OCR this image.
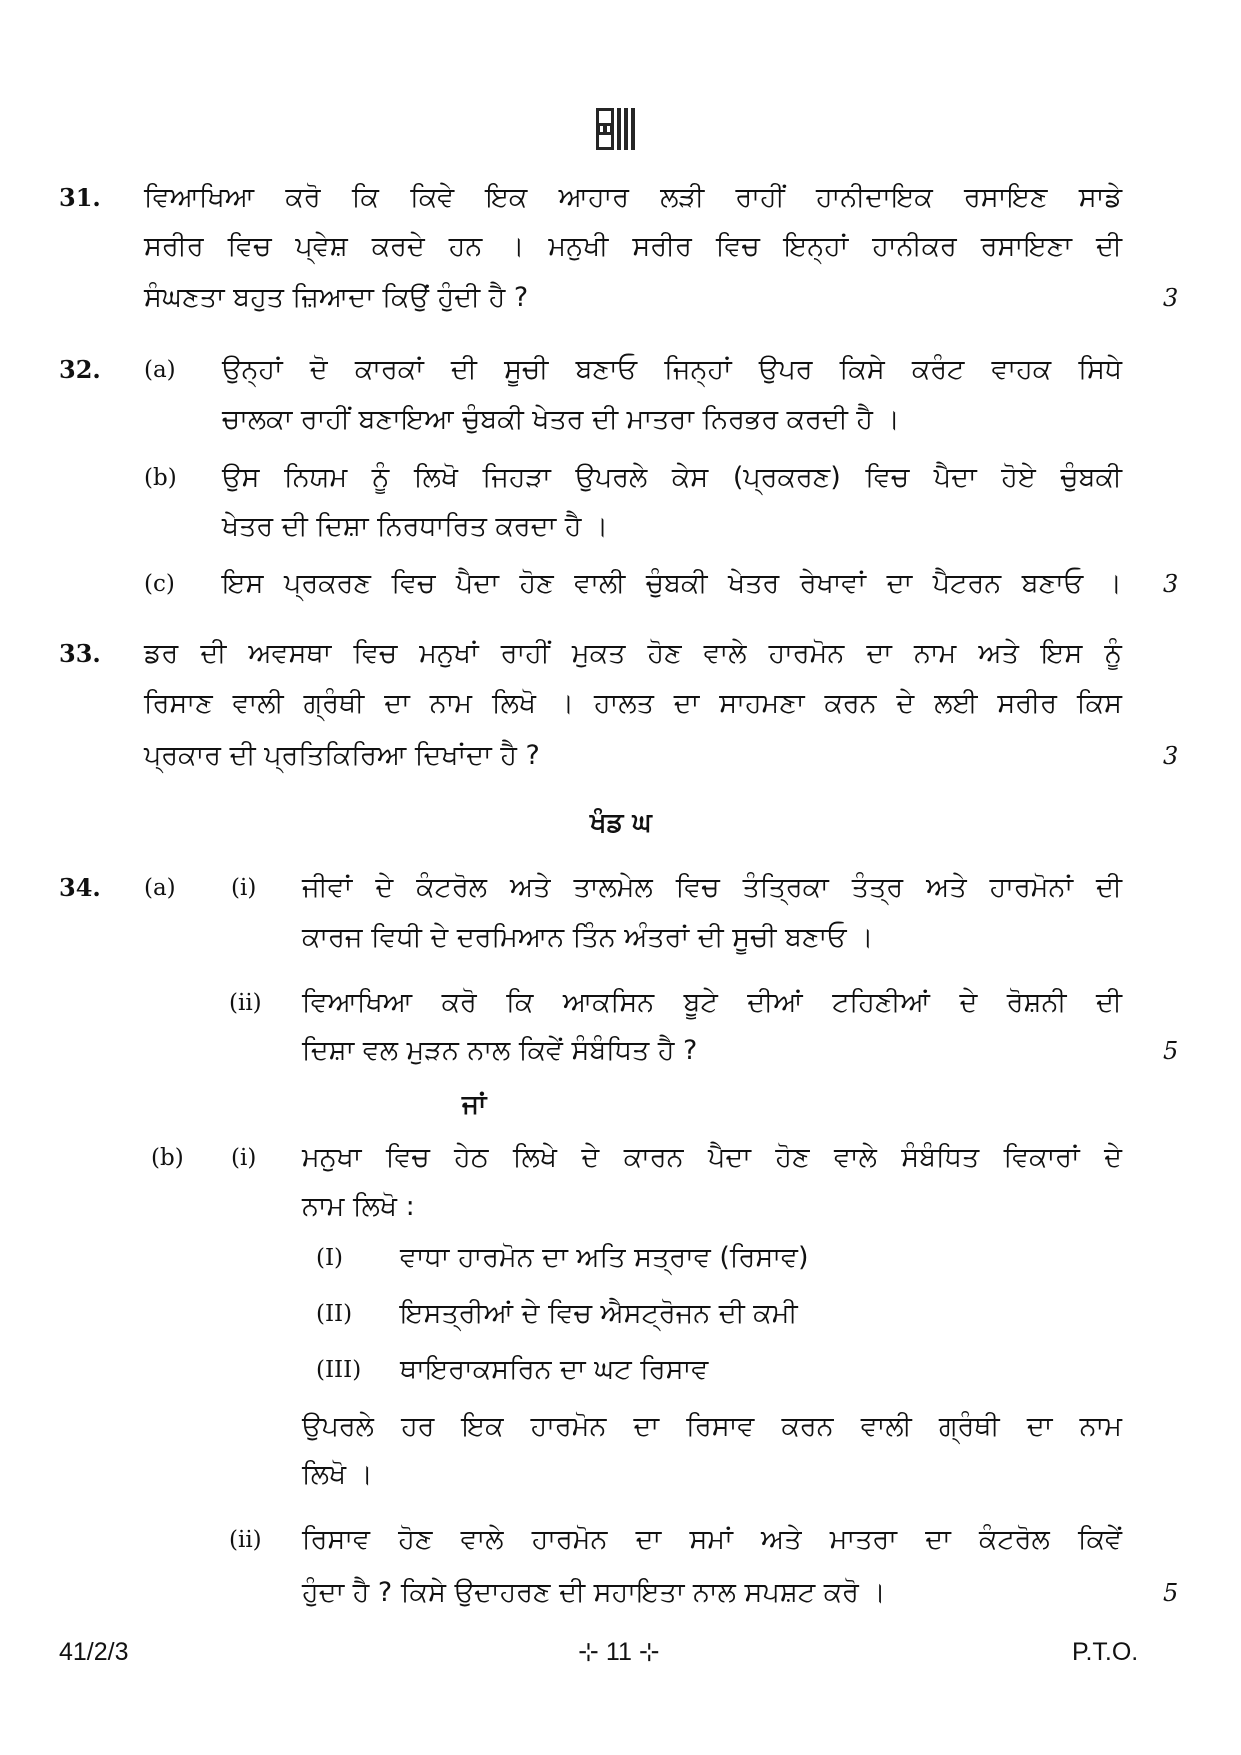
31. ਵਿਆਖਿਆ ਕਰੋ ਕਿ ਕਿਵੇ ਇਕ ਆਹਾਰ ਲੜੀ ਰਾਹੀਂ ਹਾਨੀਦਾਇਕ ਰਸਾਇਣ ਸਾਡੇ
ਸਰੀਰ ਵਿਚ ਪ੍ਵੇਸ਼ ਕਰਦੇ ਹਨ । ਮਨੁਖੀ ਸਰੀਰ ਵਿਚ ਇਨ੍ਹਾਂ ਹਾਨੀਕਰ ਰਸਾਇਣਾ ਦੀ
ਸੰਘਣਤਾ ਬਹੁਤ ਜ਼ਿਆਦਾ ਕਿਉਂ ਹੁੰਦੀ ਹੈ ?	3
32. (a) ਉਨ੍ਹਾਂ ਦੋ ਕਾਰਕਾਂ ਦੀ ਸੂਚੀ ਬਣਾਓ ਜਿਨ੍ਹਾਂ ਉਪਰ ਕਿਸੇ ਕਰੰਟ ਵਾਹਕ ਸਿਧੇ
ਚਾਲਕਾ ਰਾਹੀਂ ਬਣਾਇਆ ਚੁੰਬਕੀ ਖੇਤਰ ਦੀ ਮਾਤਰਾ ਨਿਰਭਰ ਕਰਦੀ ਹੈ ।
(b) ਉਸ ਨਿਯਮ ਨੂੰ ਲਿਖੋ ਜਿਹੜਾ ਉਪਰਲੇ ਕੇਸ (ਪ੍ਰਕਰਣ) ਵਿਚ ਪੈਦਾ ਹੋਏ ਚੁੰਬਕੀ
ਖੇਤਰ ਦੀ ਦਿਸ਼ਾ ਨਿਰਧਾਰਿਤ ਕਰਦਾ ਹੈ ।
(c) ਇਸ ਪ੍ਰਕਰਣ ਵਿਚ ਪੈਦਾ ਹੋਣ ਵਾਲੀ ਚੁੰਬਕੀ ਖੇਤਰ ਰੇਖਾਵਾਂ ਦਾ ਪੈਟਰਨ ਬਣਾਓ । 3
33. ਡਰ ਦੀ ਅਵਸਥਾ ਵਿਚ ਮਨੁਖਾਂ ਰਾਹੀਂ ਮੁਕਤ ਹੋਣ ਵਾਲੇ ਹਾਰਮੋਨ ਦਾ ਨਾਮ ਅਤੇ ਇਸ ਨੂੰ
ਰਿਸਾਣ ਵਾਲੀ ਗ੍ਰੰਥੀ ਦਾ ਨਾਮ ਲਿਖੋ । ਹਾਲਤ ਦਾ ਸਾਹਮਣਾ ਕਰਨ ਦੇ ਲਈ ਸਰੀਰ ਕਿਸ
ਪ੍ਰਕਾਰ ਦੀ ਪ੍ਰਤਿਕਿਰਿਆ ਦਿਖਾਂਦਾ ਹੈ ?	3
ਖੰਡ ਘ
34. (a) (i) ਜੀਵਾਂ ਦੇ ਕੰਟਰੋਲ ਅਤੇ ਤਾਲਮੇਲ ਵਿਚ ਤੰਤ੍ਰਿਕਾ ਤੰਤ੍ਰ ਅਤੇ ਹਾਰਮੋਨਾਂ ਦੀ
ਕਾਰਜ ਵਿਧੀ ਦੇ ਦਰਮਿਆਨ ਤਿੰਨ ਅੰਤਰਾਂ ਦੀ ਸੂਚੀ ਬਣਾਓ ।
(ii) ਵਿਆਖਿਆ ਕਰੋ ਕਿ ਆਕਸਿਨ ਬੂਟੇ ਦੀਆਂ ਟਹਿਣੀਆਂ ਦੇ ਰੋਸ਼ਨੀ ਦੀ
ਦਿਸ਼ਾ ਵਲ ਮੁੜਨ ਨਾਲ ਕਿਵੇਂ ਸੰਬੰਧਿਤ ਹੈ ?	5
ਜਾਂ
(b) (i) ਮਨੁਖਾ ਵਿਚ ਹੇਠ ਲਿਖੇ ਦੇ ਕਾਰਨ ਪੈਦਾ ਹੋਣ ਵਾਲੇ ਸੰਬੰਧਿਤ ਵਿਕਾਰਾਂ ਦੇ
ਨਾਮ ਲਿਖੋ :
(I) ਵਾਧਾ ਹਾਰਮੋਨ ਦਾ ਅਤਿ ਸਤ੍ਰਾਵ (ਰਿਸਾਵ)
(II) ਇਸਤ੍ਰੀਆਂ ਦੇ ਵਿਚ ਐਸਟ੍ਰੋਜਨ ਦੀ ਕਮੀ
(III) ਥਾਇਰਾਕਸਰਿਨ ਦਾ ਘਟ ਰਿਸਾਵ
ਉਪਰਲੇ ਹਰ ਇਕ ਹਾਰਮੋਨ ਦਾ ਰਿਸਾਵ ਕਰਨ ਵਾਲੀ ਗ੍ਰੰਥੀ ਦਾ ਨਾਮ
ਲਿਖੋ ।
(ii) ਰਿਸਾਵ ਹੋਣ ਵਾਲੇ ਹਾਰਮੋਨ ਦਾ ਸਮਾਂ ਅਤੇ ਮਾਤਰਾ ਦਾ ਕੰਟਰੋਲ ਕਿਵੇਂ
ਹੁੰਦਾ ਹੈ ? ਕਿਸੇ ਉਦਾਹਰਣ ਦੀ ਸਹਾਇਤਾ ਨਾਲ ਸਪਸ਼ਟ ਕਰੋ ।	5
41/2/3	⊹ 11 ⊹	P.T.O.
